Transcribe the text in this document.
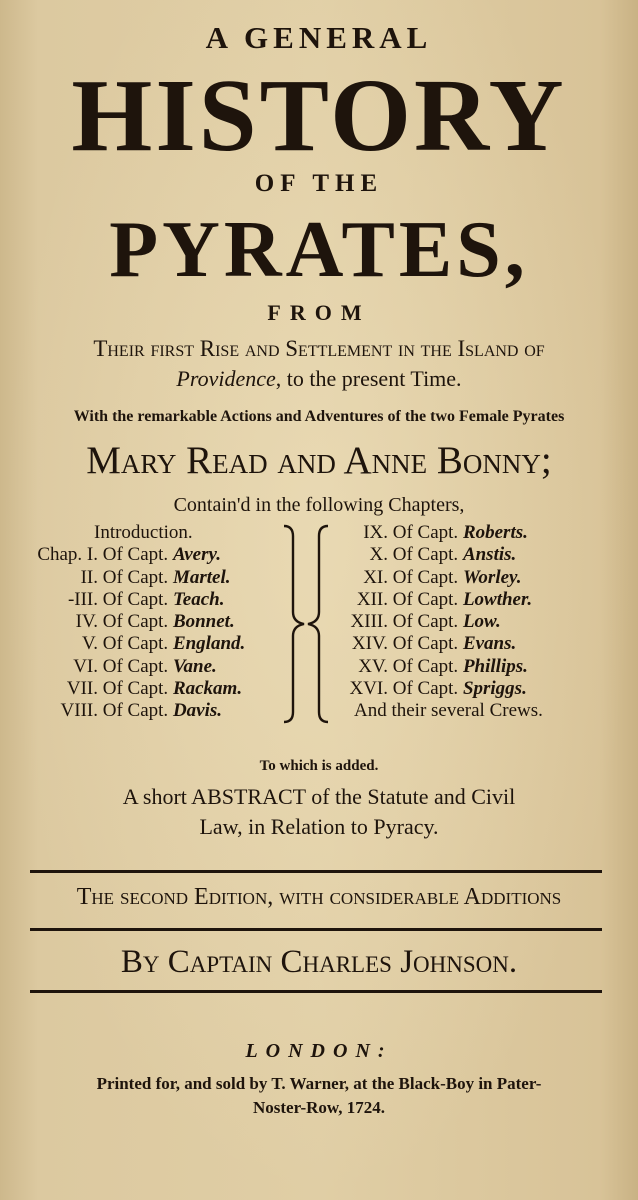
A GENERAL
HISTORY
OF THE
PYRATES,
FROM
Their first Rise and Settlement in the Island of
Providence, to the present Time.
With the remarkable Actions and Adventures of the two Female Pyrates
Mary Read and Anne Bonny;
Contain'd in the following Chapters,
Introduction.
Chap. I. Of Capt. Avery.
II. Of Capt. Martel.
-III. Of Capt. Teach.
IV. Of Capt. Bonnet.
V. Of Capt. England.
VI. Of Capt. Vane.
VII. Of Capt. Rackam.
VIII. Of Capt. Davis.
IX. Of Capt. Roberts.
X. Of Capt. Anstis.
XI. Of Capt. Worley.
XII. Of Capt. Lowther.
XIII. Of Capt. Low.
XIV. Of Capt. Evans.
XV. Of Capt. Phillips.
XVI. Of Capt. Spriggs.
And their several Crews.
To which is added.
A short ABSTRACT of the Statute and Civil
Law, in Relation to Pyracy.
The second Edition, with considerable Additions
By Captain Charles Johnson.
LONDON:
Printed for, and sold by T. Warner, at the Black-Boy in Pater-
Noster-Row, 1724.
